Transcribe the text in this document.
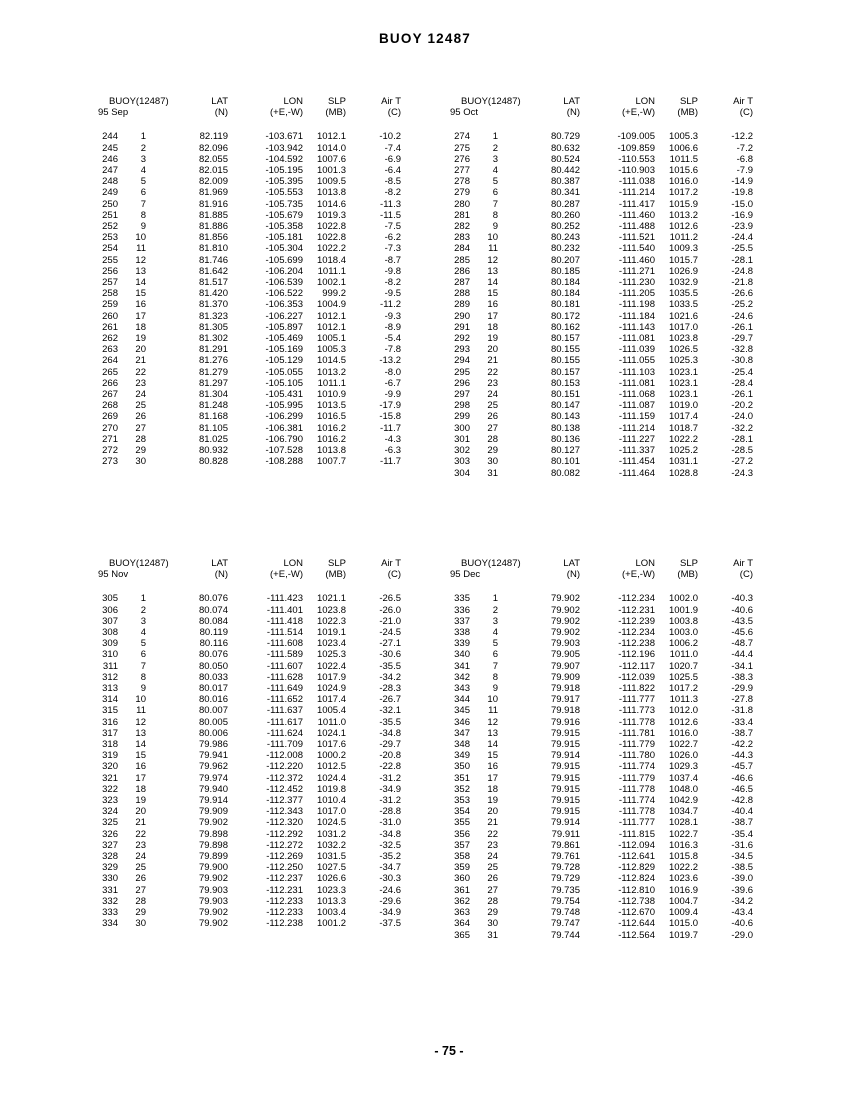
BUOY 12487
BUOY(12487)	LAT	LON	SLP	Air T
95 Sep	(N)	(+E,-W)	(MB)	(C)
244	1	82.119	-103.671	1012.1	-10.2
245	2	82.096	-103.942	1014.0	-7.4
246	3	82.055	-104.592	1007.6	-6.9
247	4	82.015	-105.195	1001.3	-6.4
248	5	82.009	-105.395	1009.5	-8.5
249	6	81.969	-105.553	1013.8	-8.2
250	7	81.916	-105.735	1014.6	-11.3
251	8	81.885	-105.679	1019.3	-11.5
252	9	81.886	-105.358	1022.8	-7.5
253	10	81.856	-105.181	1022.8	-6.2
254	11	81.810	-105.304	1022.2	-7.3
255	12	81.746	-105.699	1018.4	-8.7
256	13	81.642	-106.204	1011.1	-9.8
257	14	81.517	-106.539	1002.1	-8.2
258	15	81.420	-106.522	999.2	-9.5
259	16	81.370	-106.353	1004.9	-11.2
260	17	81.323	-106.227	1012.1	-9.3
261	18	81.305	-105.897	1012.1	-8.9
262	19	81.302	-105.469	1005.1	-5.4
263	20	81.291	-105.169	1005.3	-7.8
264	21	81.276	-105.129	1014.5	-13.2
265	22	81.279	-105.055	1013.2	-8.0
266	23	81.297	-105.105	1011.1	-6.7
267	24	81.304	-105.431	1010.9	-9.9
268	25	81.248	-105.995	1013.5	-17.9
269	26	81.168	-106.299	1016.5	-15.8
270	27	81.105	-106.381	1016.2	-11.7
271	28	81.025	-106.790	1016.2	-4.3
272	29	80.932	-107.528	1013.8	-6.3
273	30	80.828	-108.288	1007.7	-11.7
BUOY(12487)	LAT	LON	SLP	Air T
95 Oct	(N)	(+E,-W)	(MB)	(C)
274	1	80.729	-109.005	1005.3	-12.2
275	2	80.632	-109.859	1006.6	-7.2
276	3	80.524	-110.553	1011.5	-6.8
277	4	80.442	-110.903	1015.6	-7.9
278	5	80.387	-111.038	1016.0	-14.9
279	6	80.341	-111.214	1017.2	-19.8
280	7	80.287	-111.417	1015.9	-15.0
281	8	80.260	-111.460	1013.2	-16.9
282	9	80.252	-111.488	1012.6	-23.9
283	10	80.243	-111.521	1011.2	-24.4
284	11	80.232	-111.540	1009.3	-25.5
285	12	80.207	-111.460	1015.7	-28.1
286	13	80.185	-111.271	1026.9	-24.8
287	14	80.184	-111.230	1032.9	-21.8
288	15	80.184	-111.205	1035.5	-26.6
289	16	80.181	-111.198	1033.5	-25.2
290	17	80.172	-111.184	1021.6	-24.6
291	18	80.162	-111.143	1017.0	-26.1
292	19	80.157	-111.081	1023.8	-29.7
293	20	80.155	-111.039	1026.5	-32.8
294	21	80.155	-111.055	1025.3	-30.8
295	22	80.157	-111.103	1023.1	-25.4
296	23	80.153	-111.081	1023.1	-28.4
297	24	80.151	-111.068	1023.1	-26.1
298	25	80.147	-111.087	1019.0	-20.2
299	26	80.143	-111.159	1017.4	-24.0
300	27	80.138	-111.214	1018.7	-32.2
301	28	80.136	-111.227	1022.2	-28.1
302	29	80.127	-111.337	1025.2	-28.5
303	30	80.101	-111.454	1031.1	-27.2
304	31	80.082	-111.464	1028.8	-24.3
BUOY(12487)	LAT	LON	SLP	Air T
95 Nov	(N)	(+E,-W)	(MB)	(C)
305	1	80.076	-111.423	1021.1	-26.5
306	2	80.074	-111.401	1023.8	-26.0
307	3	80.084	-111.418	1022.3	-21.0
308	4	80.119	-111.514	1019.1	-24.5
309	5	80.116	-111.608	1023.4	-27.1
310	6	80.076	-111.589	1025.3	-30.6
311	7	80.050	-111.607	1022.4	-35.5
312	8	80.033	-111.628	1017.9	-34.2
313	9	80.017	-111.649	1024.9	-28.3
314	10	80.016	-111.652	1017.4	-26.7
315	11	80.007	-111.637	1005.4	-32.1
316	12	80.005	-111.617	1011.0	-35.5
317	13	80.006	-111.624	1024.1	-34.8
318	14	79.986	-111.709	1017.6	-29.7
319	15	79.941	-112.008	1000.2	-20.8
320	16	79.962	-112.220	1012.5	-22.8
321	17	79.974	-112.372	1024.4	-31.2
322	18	79.940	-112.452	1019.8	-34.9
323	19	79.914	-112.377	1010.4	-31.2
324	20	79.909	-112.343	1017.0	-28.8
325	21	79.902	-112.320	1024.5	-31.0
326	22	79.898	-112.292	1031.2	-34.8
327	23	79.898	-112.272	1032.2	-32.5
328	24	79.899	-112.269	1031.5	-35.2
329	25	79.900	-112.250	1027.5	-34.7
330	26	79.902	-112.237	1026.6	-30.3
331	27	79.903	-112.231	1023.3	-24.6
332	28	79.903	-112.233	1013.3	-29.6
333	29	79.902	-112.233	1003.4	-34.9
334	30	79.902	-112.238	1001.2	-37.5
BUOY(12487)	LAT	LON	SLP	Air T
95 Dec	(N)	(+E,-W)	(MB)	(C)
335	1	79.902	-112.234	1002.0	-40.3
336	2	79.902	-112.231	1001.9	-40.6
337	3	79.902	-112.239	1003.8	-43.5
338	4	79.902	-112.234	1003.0	-45.6
339	5	79.903	-112.238	1006.2	-48.7
340	6	79.905	-112.196	1011.0	-44.4
341	7	79.907	-112.117	1020.7	-34.1
342	8	79.909	-112.039	1025.5	-38.3
343	9	79.918	-111.822	1017.2	-29.9
344	10	79.917	-111.777	1011.3	-27.8
345	11	79.918	-111.773	1012.0	-31.8
346	12	79.916	-111.778	1012.6	-33.4
347	13	79.915	-111.781	1016.0	-38.7
348	14	79.915	-111.779	1022.7	-42.2
349	15	79.914	-111.780	1026.0	-44.3
350	16	79.915	-111.774	1029.3	-45.7
351	17	79.915	-111.779	1037.4	-46.6
352	18	79.915	-111.778	1048.0	-46.5
353	19	79.915	-111.774	1042.9	-42.8
354	20	79.915	-111.778	1034.7	-40.4
355	21	79.914	-111.777	1028.1	-38.7
356	22	79.911	-111.815	1022.7	-35.4
357	23	79.861	-112.094	1016.3	-31.6
358	24	79.761	-112.641	1015.8	-34.5
359	25	79.728	-112.829	1022.2	-38.5
360	26	79.729	-112.824	1023.6	-39.0
361	27	79.735	-112.810	1016.9	-39.6
362	28	79.754	-112.738	1004.7	-34.2
363	29	79.748	-112.670	1009.4	-43.4
364	30	79.747	-112.644	1015.0	-40.6
365	31	79.744	-112.564	1019.7	-29.0
- 75 -
